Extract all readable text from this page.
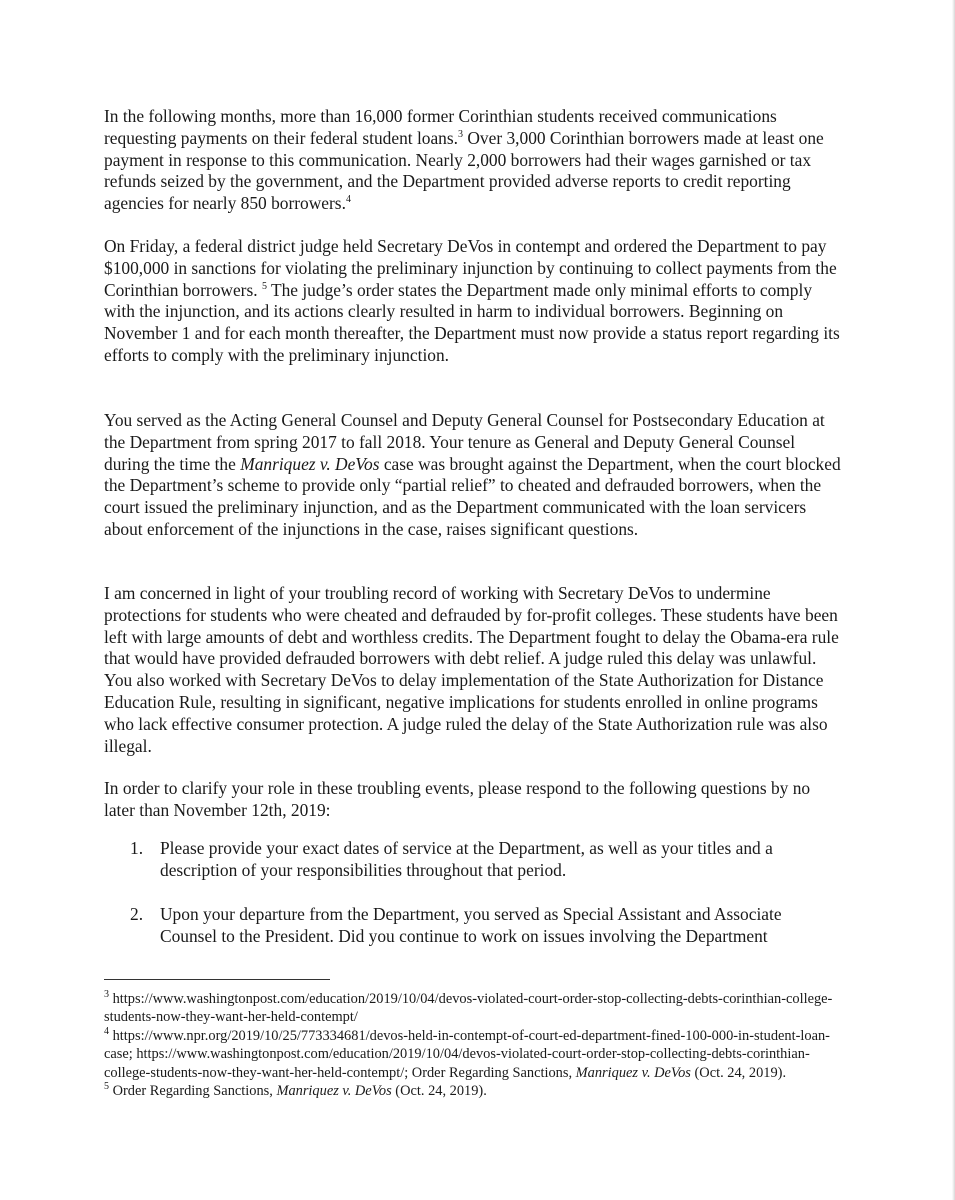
In the following months, more than 16,000 former Corinthian students received communications requesting payments on their federal student loans.$^3$ Over 3,000 Corinthian borrowers made at least one payment in response to this communication. Nearly 2,000 borrowers had their wages garnished or tax refunds seized by the government, and the Department provided adverse reports to credit reporting agencies for nearly 850 borrowers.$^4$

On Friday, a federal district judge held Secretary DeVos in contempt and ordered the Department to pay $100,000 in sanctions for violating the preliminary injunction by continuing to collect payments from the Corinthian borrowers. $^5$ The judge’s order states the Department made only minimal efforts to comply with the injunction, and its actions clearly resulted in harm to individual borrowers. Beginning on November 1 and for each month thereafter, the Department must now provide a status report regarding its efforts to comply with the preliminary injunction.

You served as the Acting General Counsel and Deputy General Counsel for Postsecondary Education at the Department from spring 2017 to fall 2018. Your tenure as General and Deputy General Counsel during the time the Manriquez v. DeVos case was brought against the Department, when the court blocked the Department’s scheme to provide only “partial relief” to cheated and defrauded borrowers, when the court issued the preliminary injunction, and as the Department communicated with the loan servicers about enforcement of the injunctions in the case, raises significant questions.

I am concerned in light of your troubling record of working with Secretary DeVos to undermine protections for students who were cheated and defrauded by for-profit colleges. These students have been left with large amounts of debt and worthless credits. The Department fought to delay the Obama-era rule that would have provided defrauded borrowers with debt relief. A judge ruled this delay was unlawful. You also worked with Secretary DeVos to delay implementation of the State Authorization for Distance Education Rule, resulting in significant, negative implications for students enrolled in online programs who lack effective consumer protection. A judge ruled the delay of the State Authorization rule was also illegal.

In order to clarify your role in these troubling events, please respond to the following questions by no later than November 12th, 2019:

1. Please provide your exact dates of service at the Department, as well as your titles and a description of your responsibilities throughout that period.
2. Upon your departure from the Department, you served as Special Assistant and Associate Counsel to the President. Did you continue to work on issues involving the Department

$^3$ https://www.washingtonpost.com/education/2019/10/04/devos-violated-court-order-stop-collecting-debts-corinthian-college-students-now-they-want-her-held-contempt/

$^4$ https://www.npr.org/2019/10/25/773334681/devos-held-in-contempt-of-court-ed-department-fined-100-000-in-student-loan-case; https://www.washingtonpost.com/education/2019/10/04/devos-violated-court-order-stop-collecting-debts-corinthian-college-students-now-they-want-her-held-contempt/; Order Regarding Sanctions, Manriquez v. DeVos (Oct. 24, 2019).

$^5$ Order Regarding Sanctions, Manriquez v. DeVos (Oct. 24, 2019).
